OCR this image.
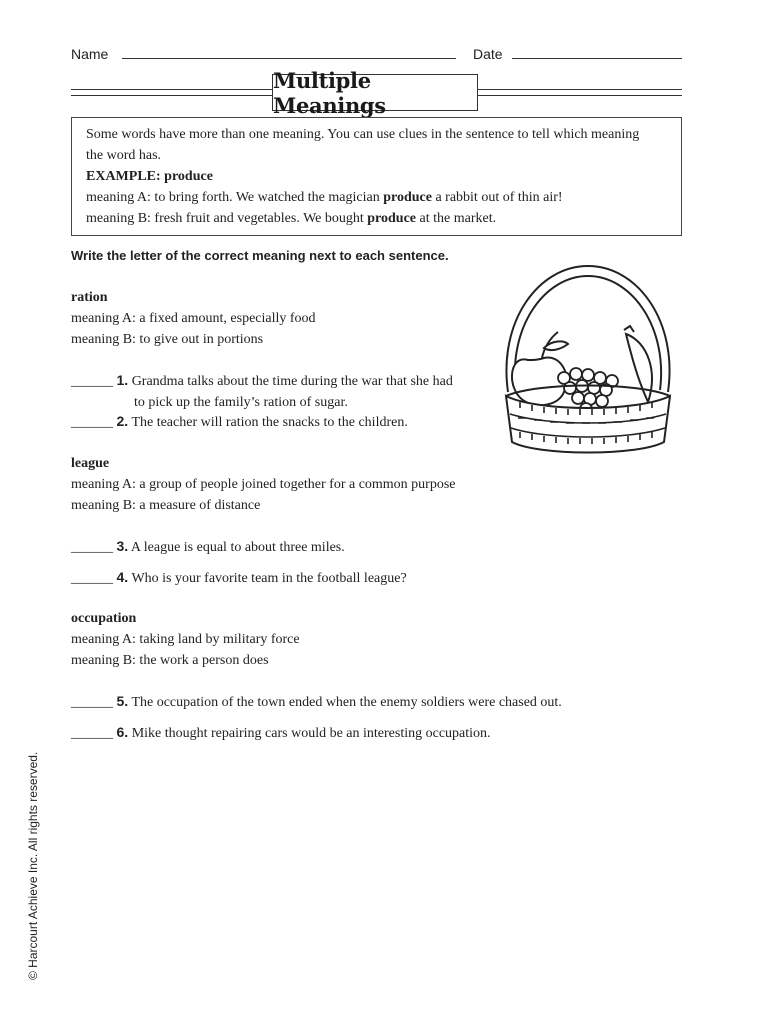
Name	Date
Multiple Meanings

Some words have more than one meaning. You can use clues in the sentence to tell which meaning

the word has.

EXAMPLE: produce

meaning A: to bring forth. We watched the magician produce a rabbit out of thin air!

meaning B: fresh fruit and vegetables. We bought produce at the market.

Write the letter of the correct meaning next to each sentence.

ration

meaning A: a fixed amount, especially food

meaning B: to give out in portions

______ 1. Grandma talks about the time during the war that she had
to pick up the family’s ration of sugar.
______ 2. The teacher will ration the snacks to the children.

league

meaning A: a group of people joined together for a common purpose

meaning B: a measure of distance

______ 3. A league is equal to about three miles.
______ 4. Who is your favorite team in the football league?

occupation

meaning A: taking land by military force

meaning B: the work a person does

______ 5. The occupation of the town ended when the enemy soldiers were chased out.
______ 6. Mike thought repairing cars would be an interesting occupation.
© Harcourt Achieve Inc. All rights reserved.
